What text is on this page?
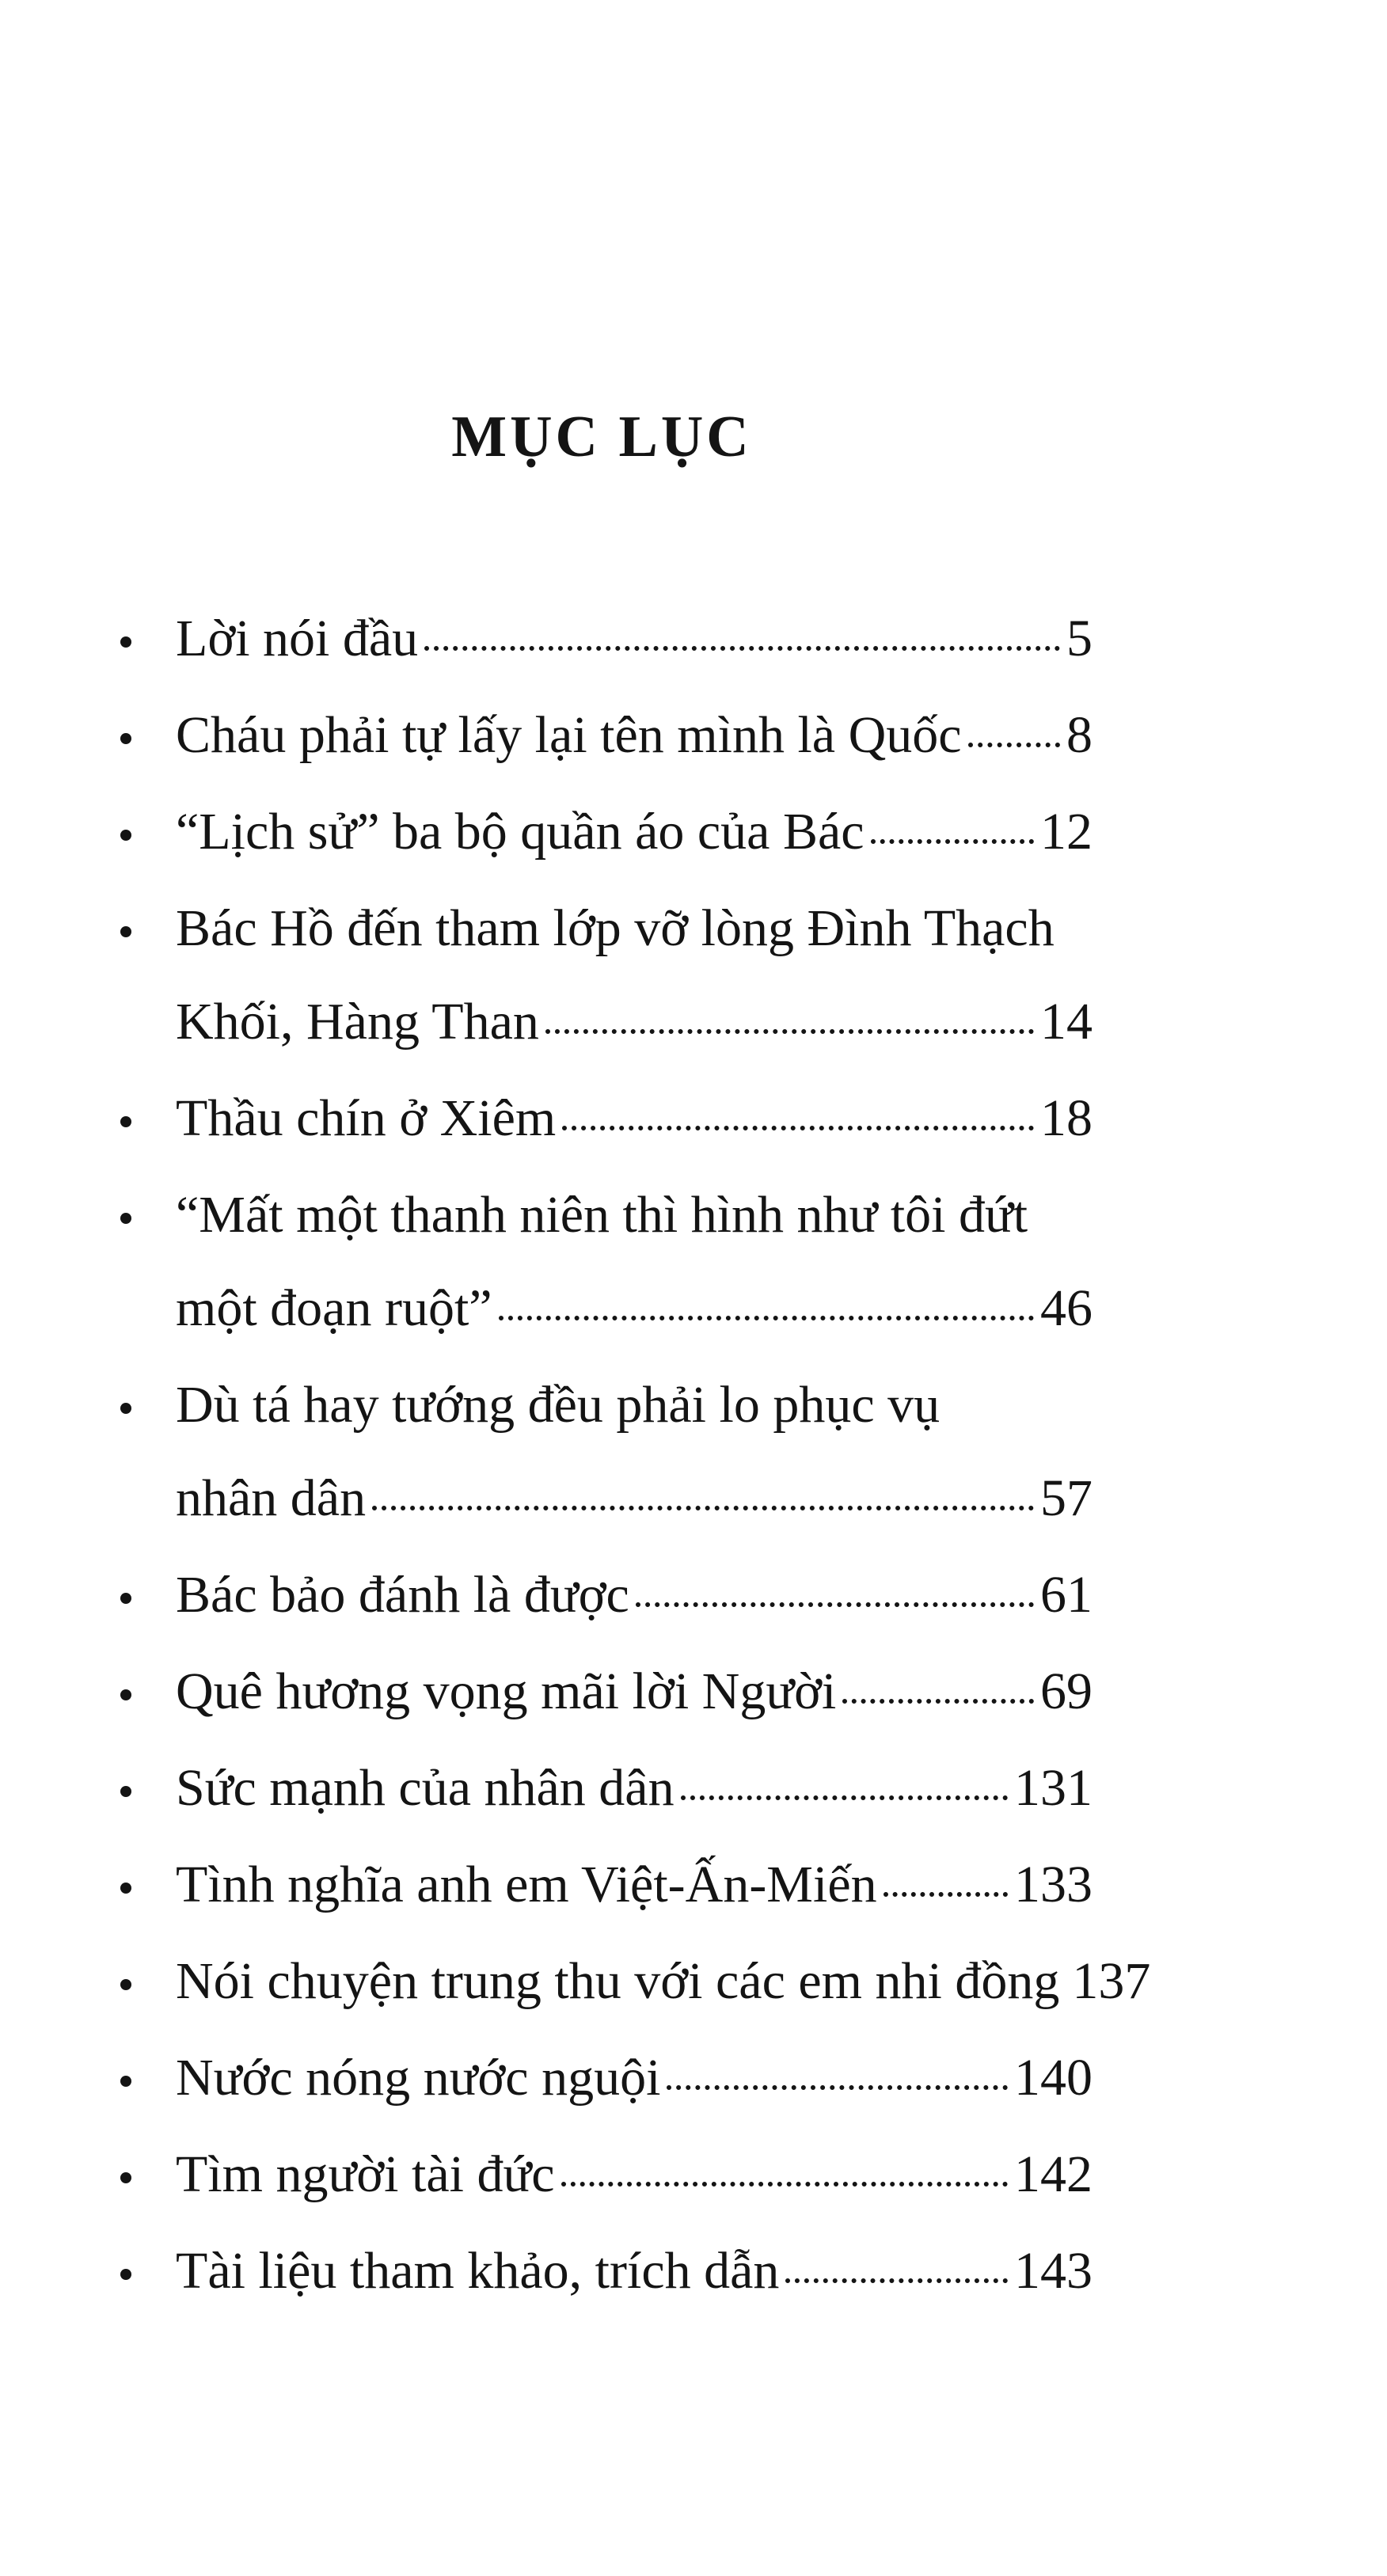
MỤC LỤC
Lời nói đầu	5
Cháu phải tự lấy lại tên mình là Quốc 8
“Lịch sử” ba bộ quần áo của Bác	12
Bác Hồ đến tham lớp vỡ lòng Đình Thạch
Khối, Hàng Than	14
Thầu chín ở Xiêm	18
“Mất một thanh niên thì hình như tôi đứt
một đoạn ruột”	46
Dù tá hay tướng đều phải lo phục vụ
nhân dân	57
Bác bảo đánh là được	61
Quê hương vọng mãi lời Người	69
Sức mạnh của nhân dân	131
Tình nghĩa anh em Việt-Ấn-Miến	133
Nói chuyện trung thu với các em nhi đồng 137
Nước nóng nước nguội	140
Tìm người tài đức	142
Tài liệu tham khảo, trích dẫn	143
